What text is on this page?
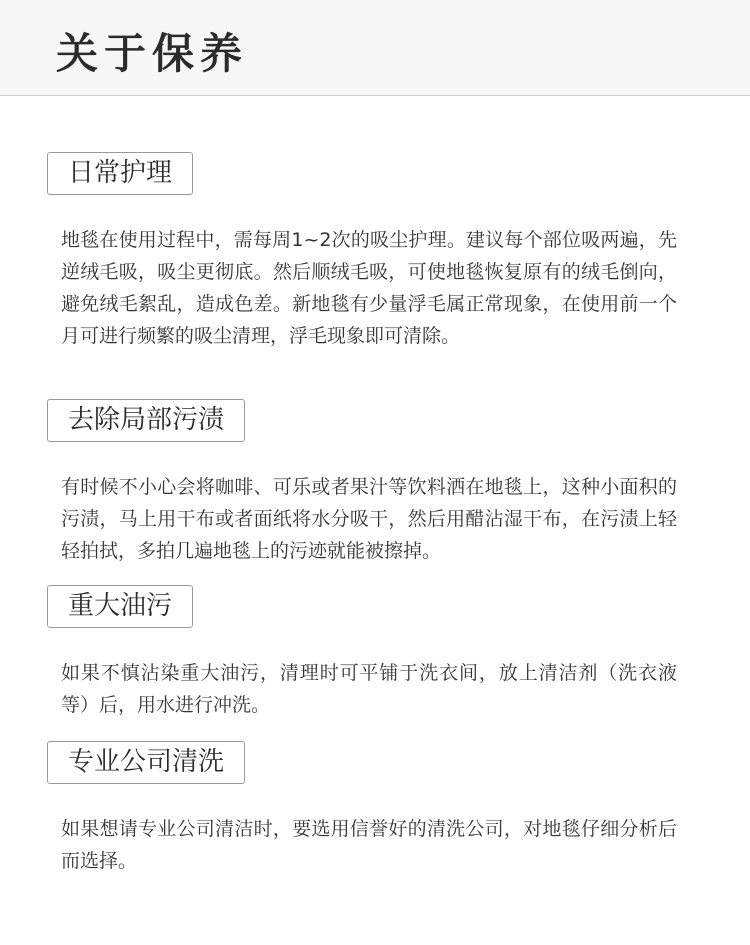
关于保养
日常护理
地毯在使用过程中，需每周1~2次的吸尘护理。建议每个部位吸两遍，先逆绒毛吸，吸尘更彻底。然后顺绒毛吸，可使地毯恢复原有的绒毛倒向，避免绒毛絮乱，造成色差。新地毯有少量浮毛属正常现象，在使用前一个月可进行频繁的吸尘清理，浮毛现象即可清除。
去除局部污渍
有时候不小心会将咖啡、可乐或者果汁等饮料洒在地毯上，这种小面积的污渍，马上用干布或者面纸将水分吸干，然后用醋沾湿干布，在污渍上轻轻拍拭，多拍几遍地毯上的污迹就能被擦掉。
重大油污
如果不慎沾染重大油污，清理时可平铺于洗衣间，放上清洁剂（洗衣液等）后，用水进行冲洗。
专业公司清洗
如果想请专业公司清洁时，要选用信誉好的清洗公司，对地毯仔细分析后而选择。
